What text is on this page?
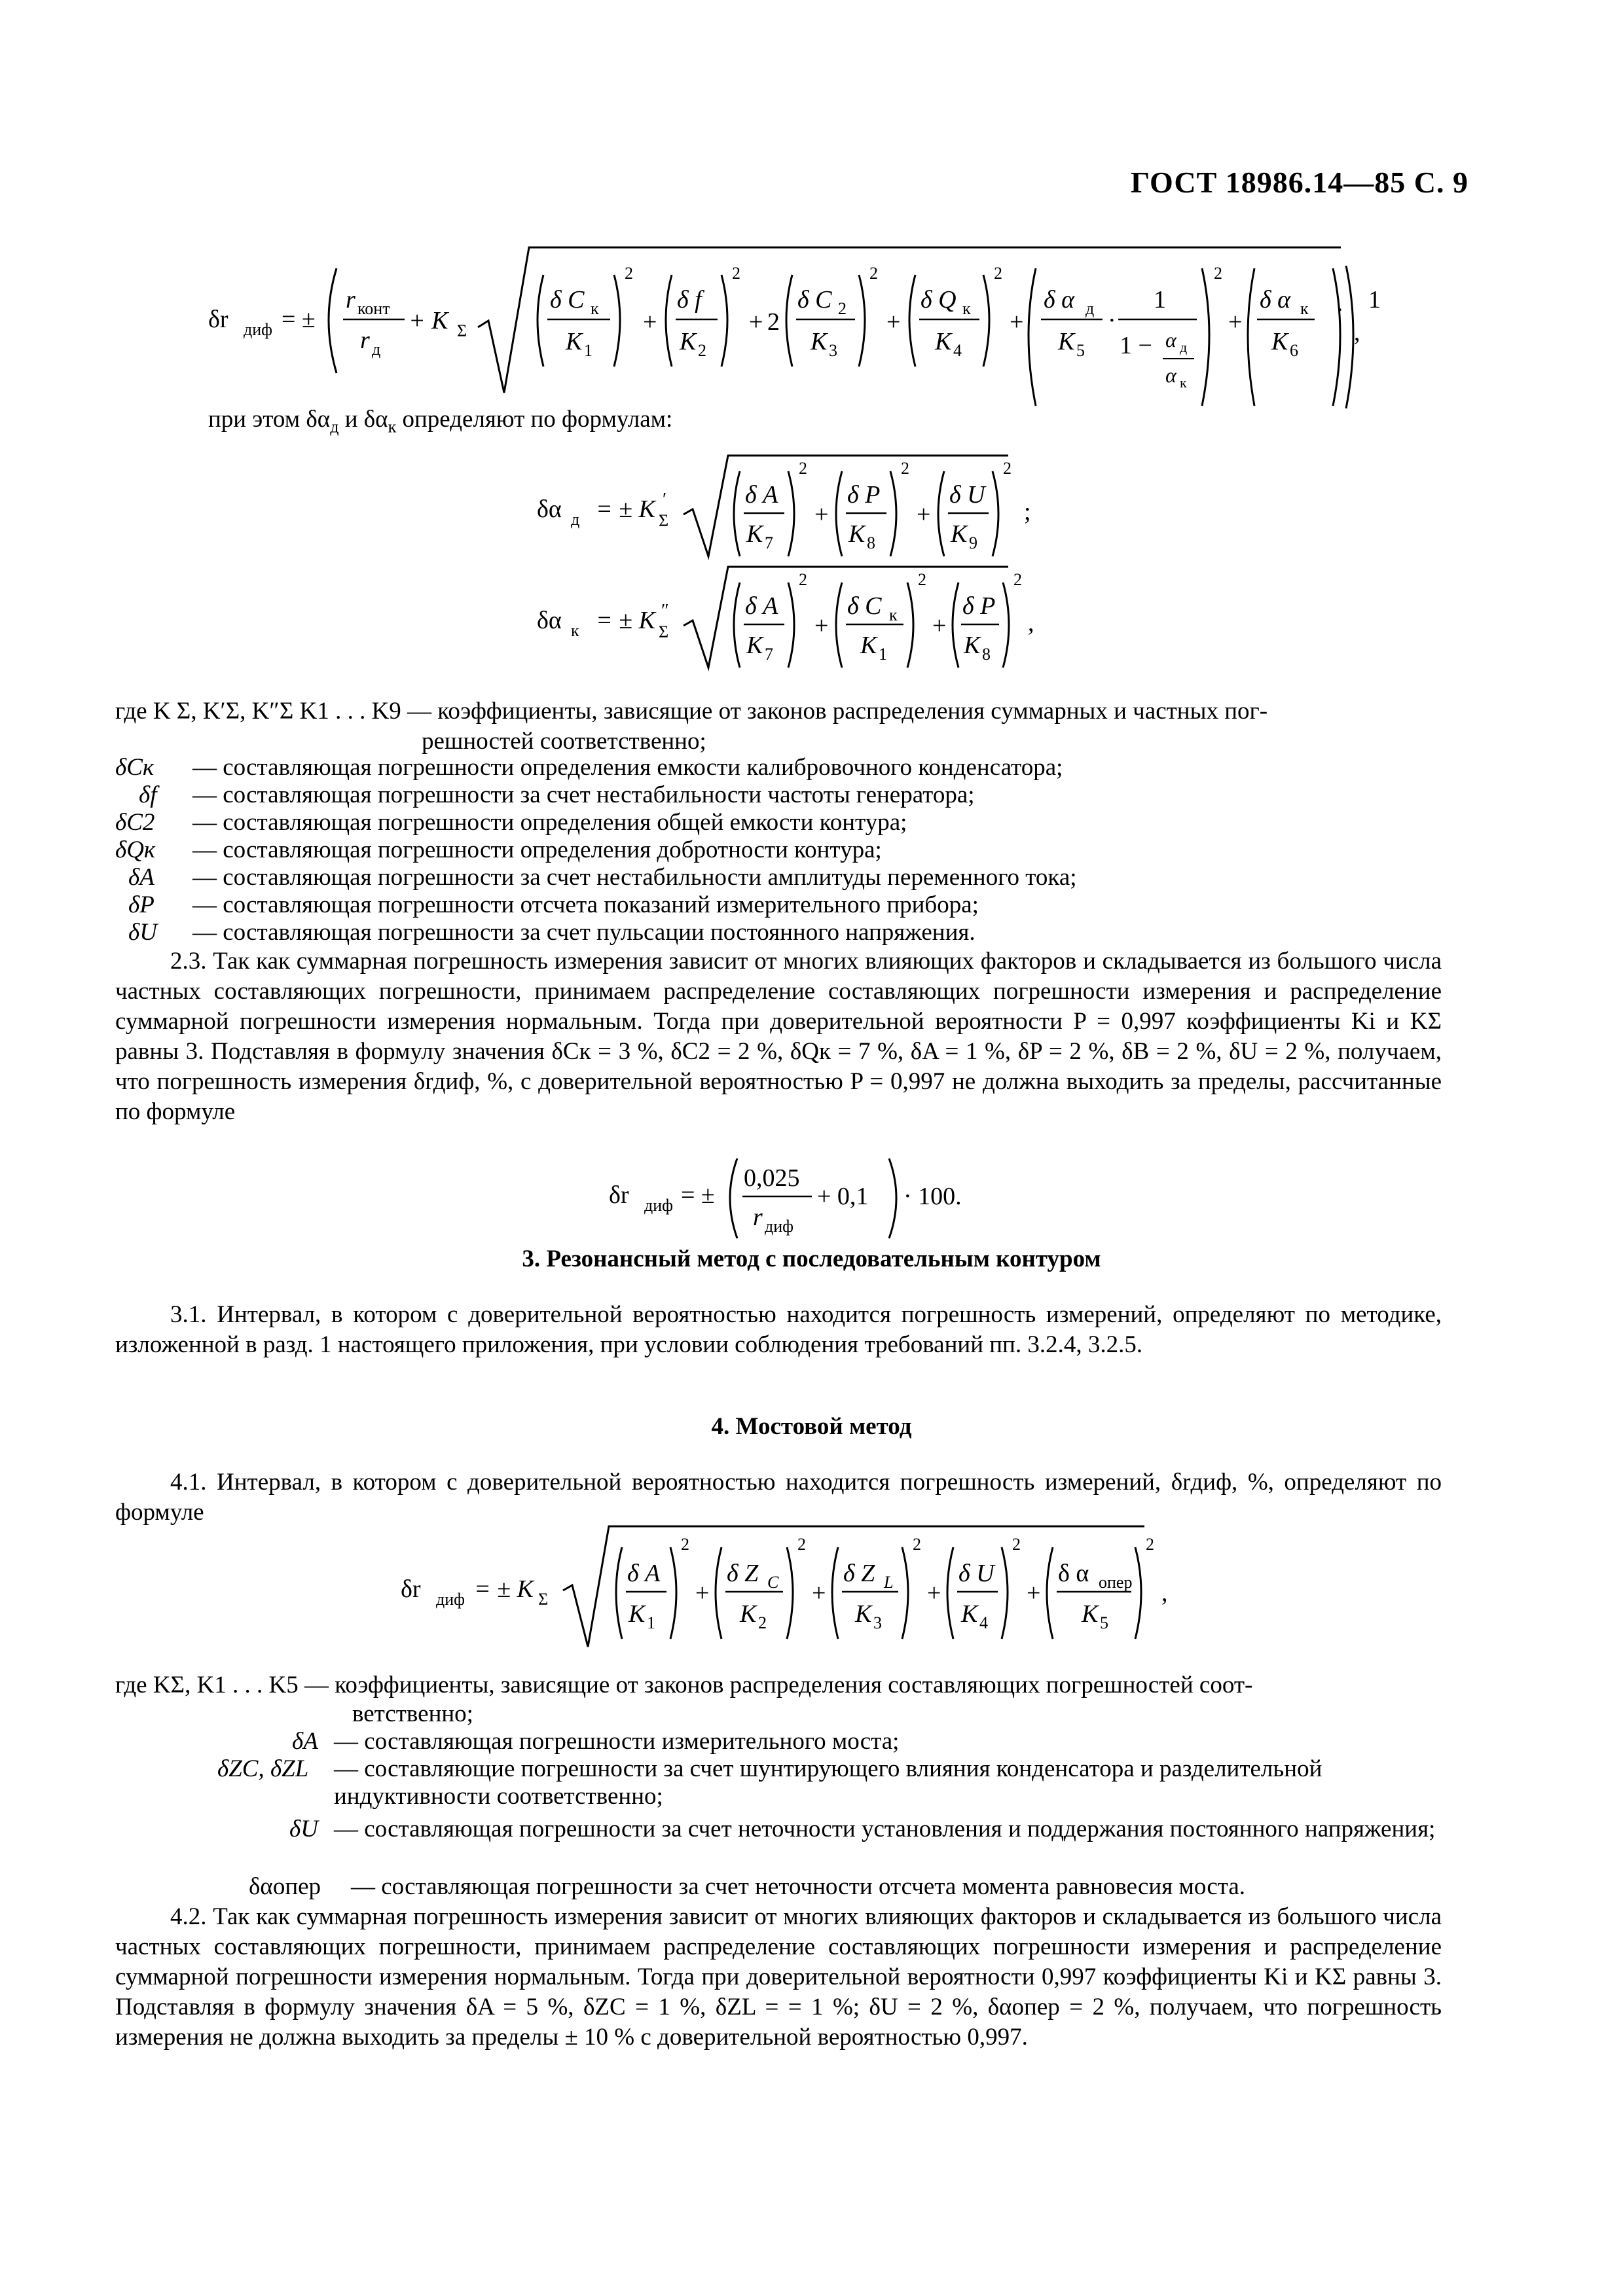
ГОСТ 18986.14—85 С. 9
δr диф = ±
r конт
r д
+ K Σ
δ C к
K 1
2
+
δ f
K 2
2
+ 2
δ C 2
K 3
2
+
δ Q к
K 4
2
+
δ α д
K 5
·
1
1 − α д
α к
2
+
δ α к
K 6
,
· 1
при этом $\delta\alpha_д$ и $\delta\alpha_к$ определяют по формулам:
δα д = ± K ′
Σ
δ A
K 7
2
+
δ P
K 8
2
+
δ U
K 9
2
;
δα к = ± K ″
Σ
δ A
K 7
2
+
δ C к
K 1
2
+
δ P
K 8
2
,
где K Σ, K′Σ, K″Σ K1 . . . K9 — коэффициенты, зависящие от законов распределения суммарных и частных пог-
решностей соответственно;
δCк — составляющая погрешности определения емкости калибровочного конденсатора;
δf — составляющая погрешности за счет нестабильности частоты генератора;
δC2 — составляющая погрешности определения общей емкости контура;
δQк — составляющая погрешности определения добротности контура;
δA — составляющая погрешности за счет нестабильности амплитуды переменного тока;
δP — составляющая погрешности отсчета показаний измерительного прибора;
δU — составляющая погрешности за счет пульсации постоянного напряжения.
2.3. Так как суммарная погрешность измерения зависит от многих влияющих факторов и складывается из большого числа частных составляющих погрешности, принимаем распределение составляющих погрешности измерения и распределение суммарной погрешности измерения нормальным. Тогда при доверительной вероятности P = 0,997 коэффициенты Ki и KΣ равны 3. Подставляя в формулу значения δCк = 3 %, δC2 = 2 %, δQк = 7 %, δA = 1 %, δP = 2 %, δB = 2 %, δU = 2 %, получаем, что погрешность измерения δrдиф, %, с доверительной вероятностью P = 0,997 не должна выходить за пределы, рассчитанные по формуле
δr диф = ±
0,025
r диф
+ 0,1 · 100.
3. Резонансный метод с последовательным контуром
3.1. Интервал, в котором с доверительной вероятностью находится погрешность измерений, определяют по методике, изложенной в разд. 1 настоящего приложения, при условии соблюдения требований пп. 3.2.4, 3.2.5.
4. Мостовой метод
4.1. Интервал, в котором с доверительной вероятностью находится погрешность измерений, δrдиф, %, определяют по формуле
δr диф = ± K Σ
δ A
K 1
2
+
δ Z C
K 2
2
+
δ Z L
K 3
2
+
δ U
K 4
2
+
δ α опер
K 5
2
,
где KΣ, K1 . . . K5 — коэффициенты, зависящие от законов распределения составляющих погрешностей соот-
ветственно;
δA — составляющая погрешности измерительного моста;
δZC, δZL — составляющие погрешности за счет шунтирующего влияния конденсатора и разделительной индуктивности соответственно;
δU — составляющая погрешности за счет неточности установления и поддержания постоянного напряжения;
δαопер — составляющая погрешности за счет неточности отсчета момента равновесия моста.
4.2. Так как суммарная погрешность измерения зависит от многих влияющих факторов и складывается из большого числа частных составляющих погрешности, принимаем распределение составляющих погрешности измерения и распределение суммарной погрешности измерения нормальным. Тогда при доверительной вероятности 0,997 коэффициенты Ki и KΣ равны 3. Подставляя в формулу значения δA = 5 %, δZC = 1 %, δZL = = 1 %; δU = 2 %, δαопер = 2 %, получаем, что погрешность измерения не должна выходить за пределы ± 10 % с доверительной вероятностью 0,997.
